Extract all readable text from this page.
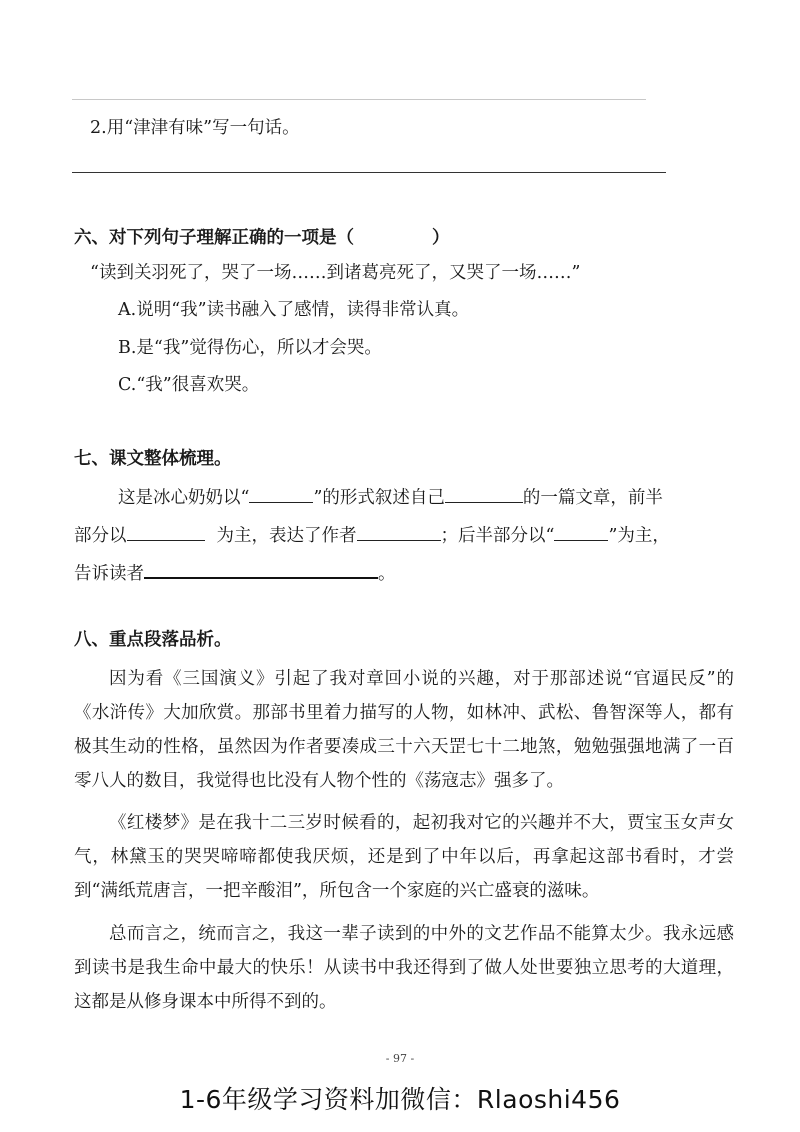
2.用“津津有味”写一句话。
六、对下列句子理解正确的一项是（	）
“读到关羽死了，哭了一场……到诸葛亮死了，又哭了一场……”
A.说明“我”读书融入了感情，读得非常认真。
B.是“我”觉得伤心，所以才会哭。
C.“我”很喜欢哭。
七、课文整体梳理。
这是冰心奶奶以“	”的形式叙述自己	的一篇文章，前半
部分以	为主，表达了作者	；后半部分以“	”为主，
告诉读者	。
八、重点段落品析。
因为看《三国演义》引起了我对章回小说的兴趣，对于那部述说“官逼民反”的《水浒传》大加欣赏。那部书里着力描写的人物，如林冲、武松、鲁智深等人，都有极其生动的性格，虽然因为作者要凑成三十六天罡七十二地煞，勉勉强强地满了一百零八人的数目，我觉得也比没有人物个性的《荡寇志》强多了。
《红楼梦》是在我十二三岁时候看的，起初我对它的兴趣并不大，贾宝玉女声女气，林黛玉的哭哭啼啼都使我厌烦，还是到了中年以后，再拿起这部书看时，才尝到“满纸荒唐言，一把辛酸泪”，所包含一个家庭的兴亡盛衰的滋味。
总而言之，统而言之，我这一辈子读到的中外的文艺作品不能算太少。我永远感到读书是我生命中最大的快乐！从读书中我还得到了做人处世要独立思考的大道理，这都是从修身课本中所得不到的。
- 97 -
1-6年级学习资料加微信：Rlaoshi456
